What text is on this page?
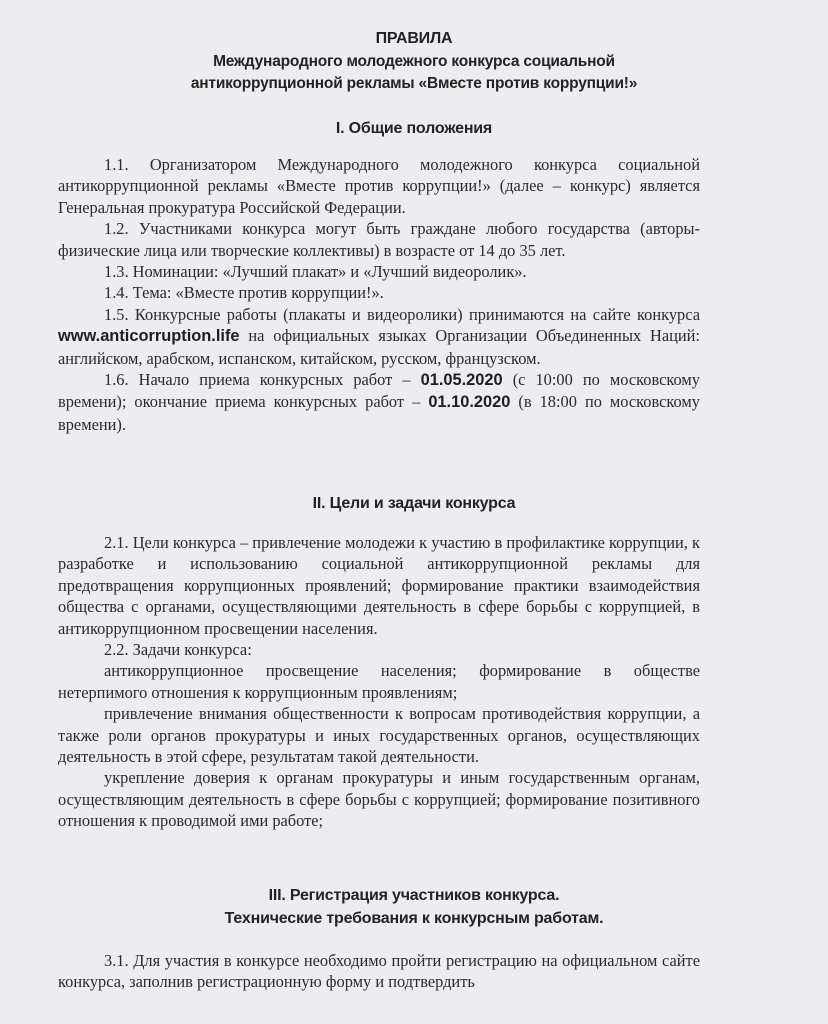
ПРАВИЛА
Международного молодежного конкурса социальной
антикоррупционной рекламы «Вместе против коррупции!»
I. Общие положения

1.1. Организатором Международного молодежного конкурса социальной антикоррупционной рекламы «Вместе против коррупции!» (далее – конкурс) является Генеральная прокуратура Российской Федерации.

1.2. Участниками конкурса могут быть граждане любого государства (авторы-физические лица или творческие коллективы) в возрасте от 14 до 35 лет.

1.3. Номинации: «Лучший плакат» и «Лучший видеоролик».

1.4. Тема: «Вместе против коррупции!».

1.5. Конкурсные работы (плакаты и видеоролики) принимаются на сайте конкурса www.anticorruption.life на официальных языках Организации Объединенных Наций: английском, арабском, испанском, китайском, русском, французском.

1.6. Начало приема конкурсных работ – 01.05.2020 (с 10:00 по московскому времени); окончание приема конкурсных работ – 01.10.2020 (в 18:00 по московскому времени).

II. Цели и задачи конкурса

2.1. Цели конкурса – привлечение молодежи к участию в профилактике коррупции, к разработке и использованию социальной антикоррупционной рекламы для предотвращения коррупционных проявлений; формирование практики взаимодействия общества с органами, осуществляющими деятельность в сфере борьбы с коррупцией, в антикоррупционном просвещении населения.

2.2. Задачи конкурса:

антикоррупционное просвещение населения; формирование в обществе нетерпимого отношения к коррупционным проявлениям;

привлечение внимания общественности к вопросам противодействия коррупции, а также роли органов прокуратуры и иных государственных органов, осуществляющих деятельность в этой сфере, результатам такой деятельности.

укрепление доверия к органам прокуратуры и иным государственным органам, осуществляющим деятельность в сфере борьбы с коррупцией; формирование позитивного отношения к проводимой ими работе;

III. Регистрация участников конкурса.
Технические требования к конкурсным работам.

3.1. Для участия в конкурсе необходимо пройти регистрацию на официальном сайте конкурса, заполнив регистрационную форму и подтвердить
